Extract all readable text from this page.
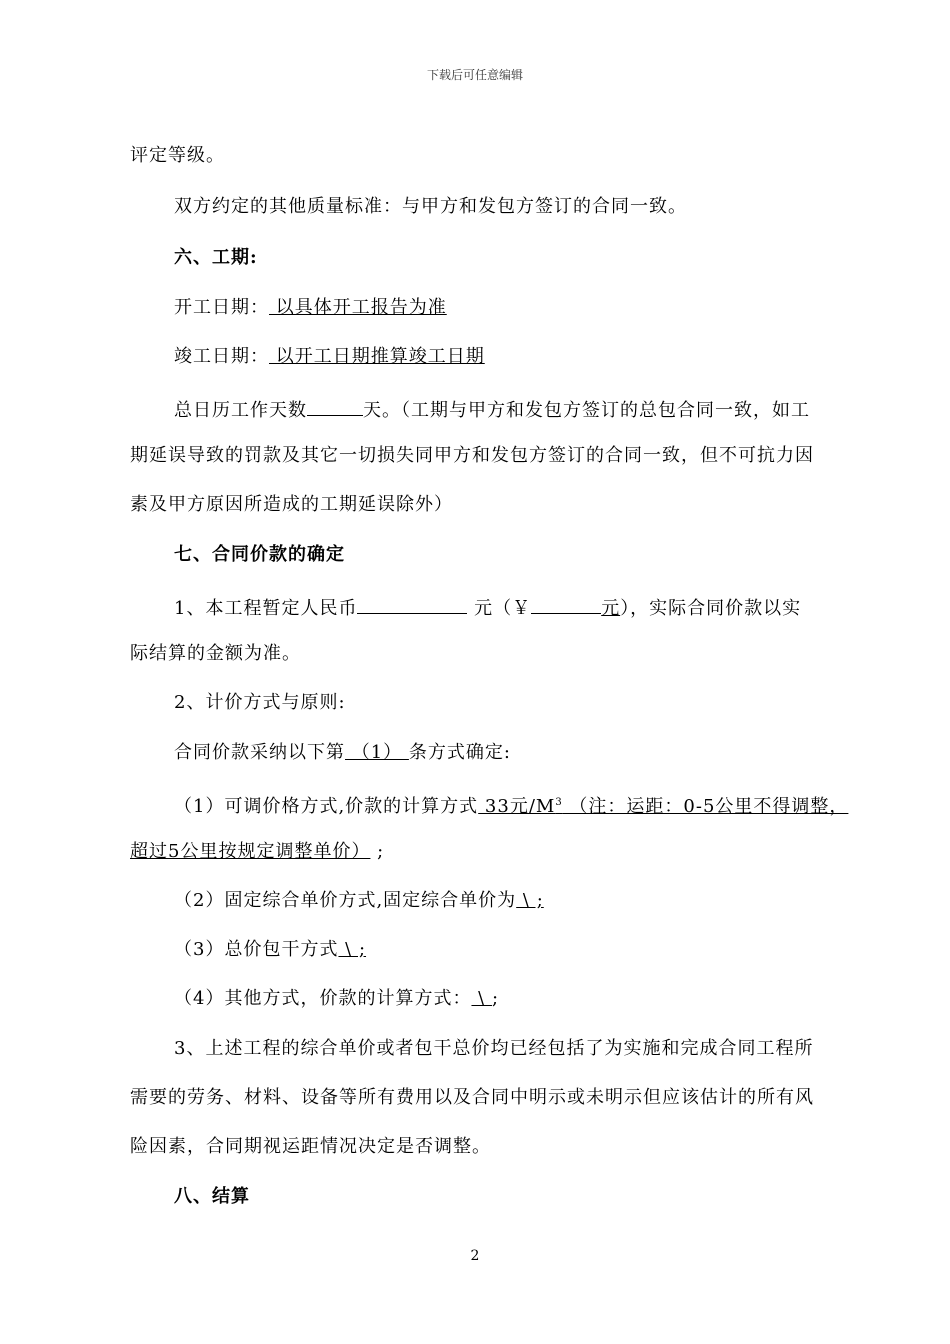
下载后可任意编辑
评定等级。
双方约定的其他质量标准：与甲方和发包方签订的合同一致。
六、工期:
开工日期： 以具体开工报告为准
竣工日期： 以开工日期推算竣工日期
总日历工作天数	天。（工期与甲方和发包方签订的总包合同一致，如工
期延误导致的罚款及其它一切损失同甲方和发包方签订的合同一致，但不可抗力因
素及甲方原因所造成的工期延误除外）
七、合同价款的确定
1、本工程暂定人民币	元（￥	元），实际合同价款以实
际结算的金额为准。
2、计价方式与原则:
合同价款采纳以下第 （1） 条方式确定:
（1）可调价格方式,价款的计算方式 33元$/M^3$ （注：运距：0-5公里不得调整，
超过5公里按规定调整单价） ;
（2）固定综合单价方式,固定综合单价为 \ ;
（3）总价包干方式 \ ;
（4）其他方式，价款的计算方式： \ ;
3、上述工程的综合单价或者包干总价均已经包括了为实施和完成合同工程所
需要的劳务、材料、设备等所有费用以及合同中明示或未明示但应该估计的所有风
险因素，合同期视运距情况决定是否调整。
八、结算
2
